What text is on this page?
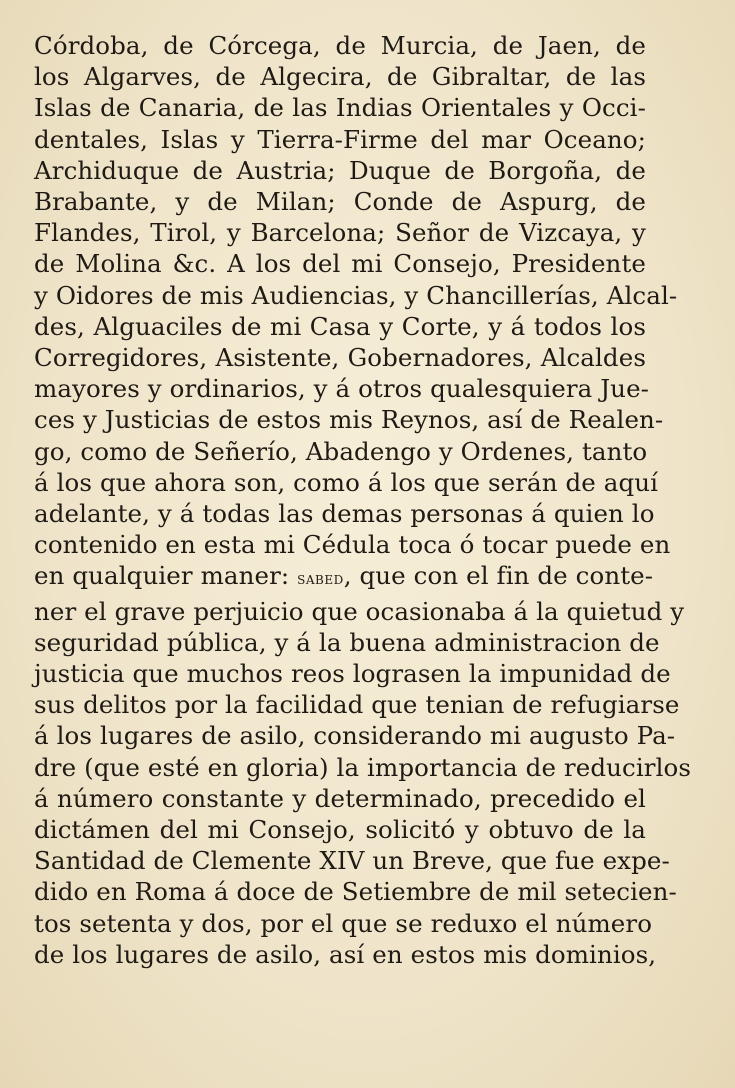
Córdoba, de Córcega, de Murcia, de Jaen, de
los Algarves, de Algecira, de Gibraltar, de las
Islas de Canaria, de las Indias Orientales y Occi-
dentales, Islas y Tierra-Firme del mar Oceano;
Archiduque de Austria; Duque de Borgoña, de
Brabante, y de Milan; Conde de Aspurg, de
Flandes, Tirol, y Barcelona; Señor de Vizcaya, y
de Molina &c. A los del mi Consejo, Presidente
y Oidores de mis Audiencias, y Chancillerías, Alcal-
des, Alguaciles de mi Casa y Corte, y á todos los
Corregidores, Asistente, Gobernadores, Alcaldes
mayores y ordinarios, y á otros qualesquiera Jue-
ces y Justicias de estos mis Reynos, así de Realen-
go, como de Señerío, Abadengo y Ordenes, tanto
á los que ahora son, como á los que serán de aquí
adelante, y á todas las demas personas á quien lo
contenido en esta mi Cédula toca ó tocar puede en
en qualquier maner: sabed, que con el fin de conte-
ner el grave perjuicio que ocasionaba á la quietud y
seguridad pública, y á la buena administracion de
justicia que muchos reos lograsen la impunidad de
sus delitos por la facilidad que tenian de refugiarse
á los lugares de asilo, considerando mi augusto Pa-
dre (que esté en gloria) la importancia de reducirlos
á número constante y determinado, precedido el
dictámen del mi Consejo, solicitó y obtuvo de la
Santidad de Clemente XIV un Breve, que fue expe-
dido en Roma á doce de Setiembre de mil setecien-
tos setenta y dos, por el que se reduxo el número
de los lugares de asilo, así en estos mis dominios,
